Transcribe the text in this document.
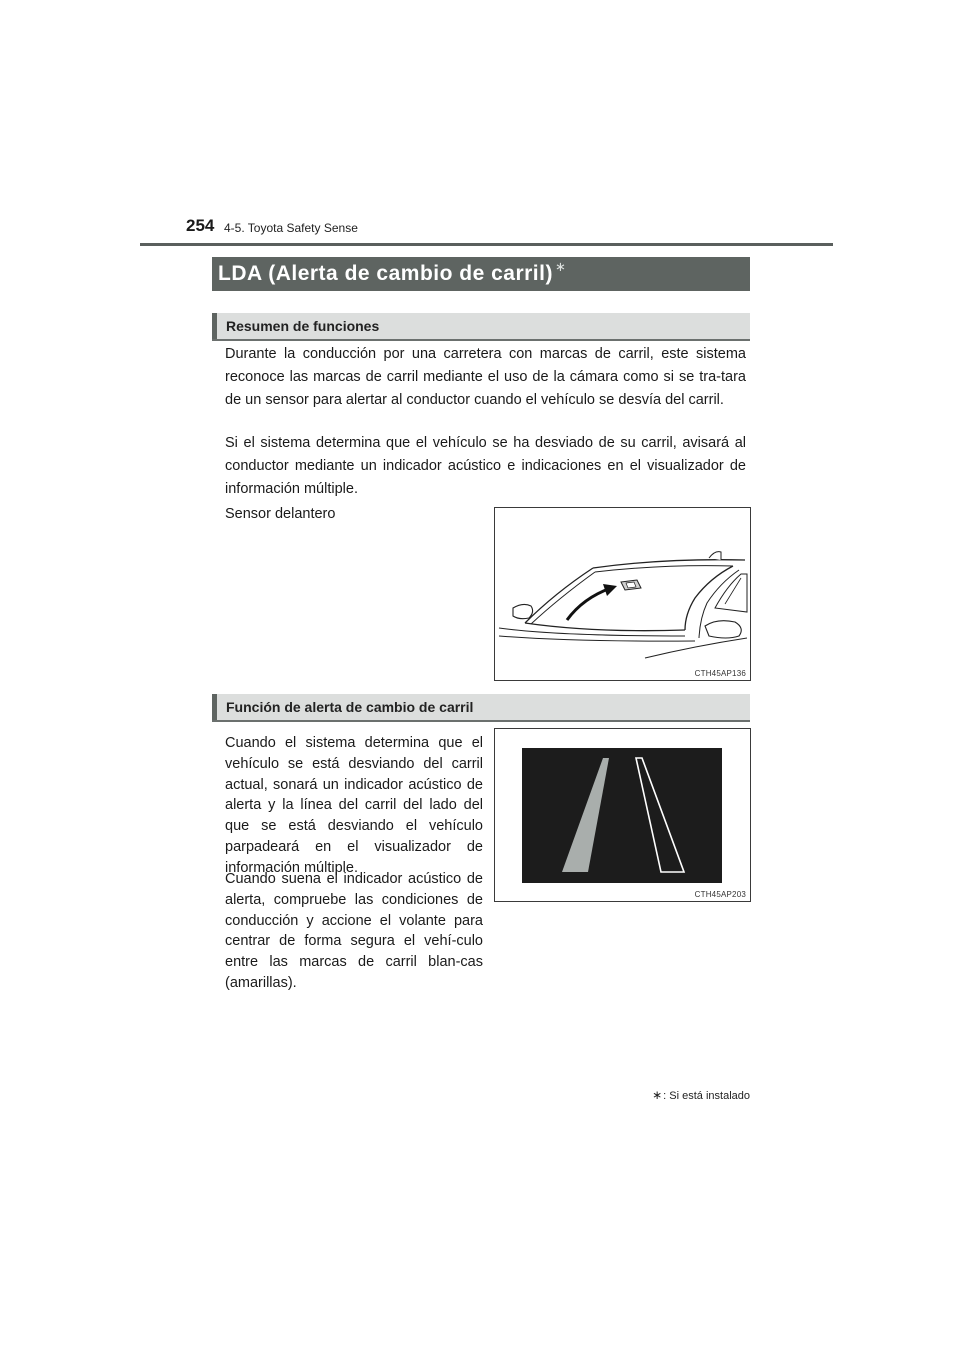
254 4-5. Toyota Safety Sense
LDA (Alerta de cambio de carril) ∗
Resumen de funciones

Durante la conducción por una carretera con marcas de carril, este sistema reconoce las marcas de carril mediante el uso de la cámara como si se tra-tara de un sensor para alertar al conductor cuando el vehículo se desvía del carril.

Si el sistema determina que el vehículo se ha desviado de su carril, avisará al conductor mediante un indicador acústico e indicaciones en el visualizador de información múltiple.

Sensor delantero

CTH45AP136
Función de alerta de cambio de carril

Cuando el sistema determina que el vehículo se está desviando del carril actual, sonará un indicador acústico de alerta y la línea del carril del lado del que se está desviando el vehículo parpadeará en el visualizador de información múltiple.

Cuando suena el indicador acústico de alerta, compruebe las condiciones de conducción y accione el volante para centrar de forma segura el vehí-culo entre las marcas de carril blan-cas (amarillas).

CTH45AP203
∗: Si está instalado
